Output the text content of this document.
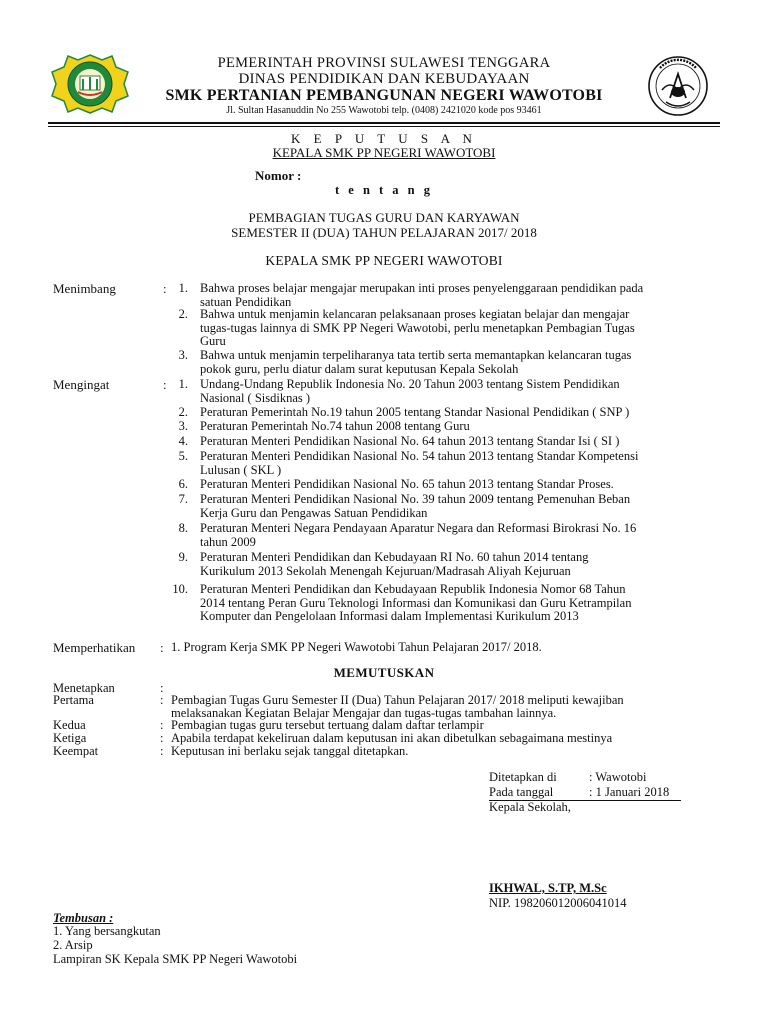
PEMERINTAH PROVINSI SULAWESI TENGGARA
DINAS PENDIDIKAN DAN KEBUDAYAAN
SMK PERTANIAN PEMBANGUNAN NEGERI WAWOTOBI
Jl. Sultan Hasanuddin No 255 Wawotobi telp. (0408) 2421020 kode pos 93461
K E P U T U S A N
KEPALA SMK PP NEGERI WAWOTOBI
Nomor :
t e n t a n g
PEMBAGIAN TUGAS GURU DAN KARYAWAN
SEMESTER II (DUA) TAHUN PELAJARAN 2017/ 2018
KEPALA SMK PP NEGERI WAWOTOBI
Menimbang	: 1. Bahwa proses belajar mengajar merupakan inti proses penyelenggaraan pendidikan pada
satuan Pendidikan
2. Bahwa untuk menjamin kelancaran pelaksanaan proses kegiatan belajar dan mengajar
tugas-tugas lainnya di SMK PP Negeri Wawotobi, perlu menetapkan Pembagian Tugas
Guru
3. Bahwa untuk menjamin terpeliharanya tata tertib serta memantapkan kelancaran tugas
pokok guru, perlu diatur dalam surat keputusan Kepala Sekolah
Mengingat	: 1. Undang-Undang Republik Indonesia No. 20 Tahun 2003 tentang Sistem Pendidikan
Nasional ( Sisdiknas )
2. Peraturan Pemerintah No.19 tahun 2005 tentang Standar Nasional Pendidikan ( SNP )
3. Peraturan Pemerintah No.74 tahun 2008 tentang Guru
4. Peraturan Menteri Pendidikan Nasional No. 64 tahun 2013 tentang Standar Isi ( SI )
5. Peraturan Menteri Pendidikan Nasional No. 54 tahun 2013 tentang Standar Kompetensi
Lulusan ( SKL )
6. Peraturan Menteri Pendidikan Nasional No. 65 tahun 2013 tentang Standar Proses.
7. Peraturan Menteri Pendidikan Nasional No. 39 tahun 2009 tentang Pemenuhan Beban
Kerja Guru dan Pengawas Satuan Pendidikan
8. Peraturan Menteri Negara Pendayaan Aparatur Negara dan Reformasi Birokrasi No. 16
tahun 2009
9. Peraturan Menteri Pendidikan dan Kebudayaan RI No. 60 tahun 2014 tentang
Kurikulum 2013 Sekolah Menengah Kejuruan/Madrasah Aliyah Kejuruan
10. Peraturan Menteri Pendidikan dan Kebudayaan Republik Indonesia Nomor 68 Tahun
2014 tentang Peran Guru Teknologi Informasi dan Komunikasi dan Guru Ketrampilan
Komputer dan Pengelolaan Informasi dalam Implementasi Kurikulum 2013
Memperhatikan : 1. Program Kerja SMK PP Negeri Wawotobi Tahun Pelajaran 2017/ 2018.
MEMUTUSKAN
Menetapkan	:
Pertama	: Pembagian Tugas Guru Semester II (Dua) Tahun Pelajaran 2017/ 2018 meliputi kewajiban
melaksanakan Kegiatan Belajar Mengajar dan tugas-tugas tambahan lainnya.
Kedua	: Pembagian tugas guru tersebut tertuang dalam daftar terlampir
Ketiga	: Apabila terdapat kekeliruan dalam keputusan ini akan dibetulkan sebagaimana mestinya
Keempat	: Keputusan ini berlaku sejak tanggal ditetapkan.
Ditetapkan di	: Wawotobi
Pada tanggal	: 1 Januari 2018
Kepala Sekolah,
IKHWAL, S.TP, M.Sc
NIP. 198206012006041014
Tembusan :
1. Yang bersangkutan
2. Arsip
Lampiran SK Kepala SMK PP Negeri Wawotobi
